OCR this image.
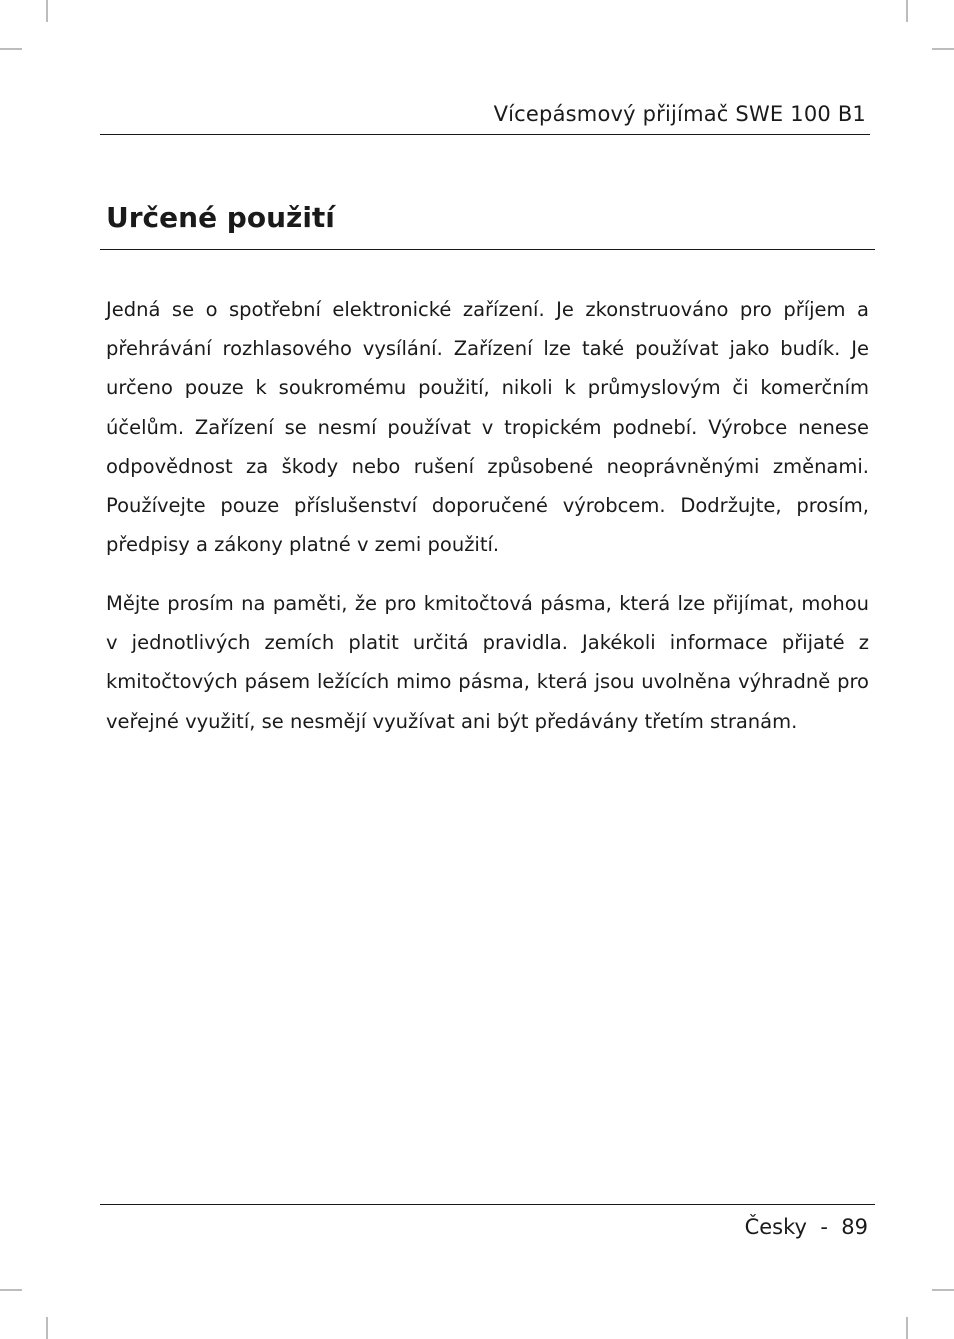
Vícepásmový přijímač SWE 100 B1
Určené použití

Jedná se o spotřební elektronické zařízení. Je zkonstruováno pro příjem a přehrávání rozhlasového vysílání. Zařízení lze také používat jako budík. Je určeno pouze k soukromému použití, nikoli k průmyslovým či komerčním účelům. Zařízení se nesmí používat v tropickém podnebí. Výrobce nenese odpovědnost za škody nebo rušení způsobené neoprávněnými změnami. Používejte pouze příslušenství doporučené výrobcem. Dodržujte, prosím, předpisy a zákony platné v zemi použití.

Mějte prosím na paměti, že pro kmitočtová pásma, která lze přijímat, mohou v jednotlivých zemích platit určitá pravidla. Jakékoli informace přijaté z kmitočtových pásem ležících mimo pásma, která jsou uvolněna výhradně pro veřejné využití, se nesmějí využívat ani být předávány třetím stranám.

Česky - 89
